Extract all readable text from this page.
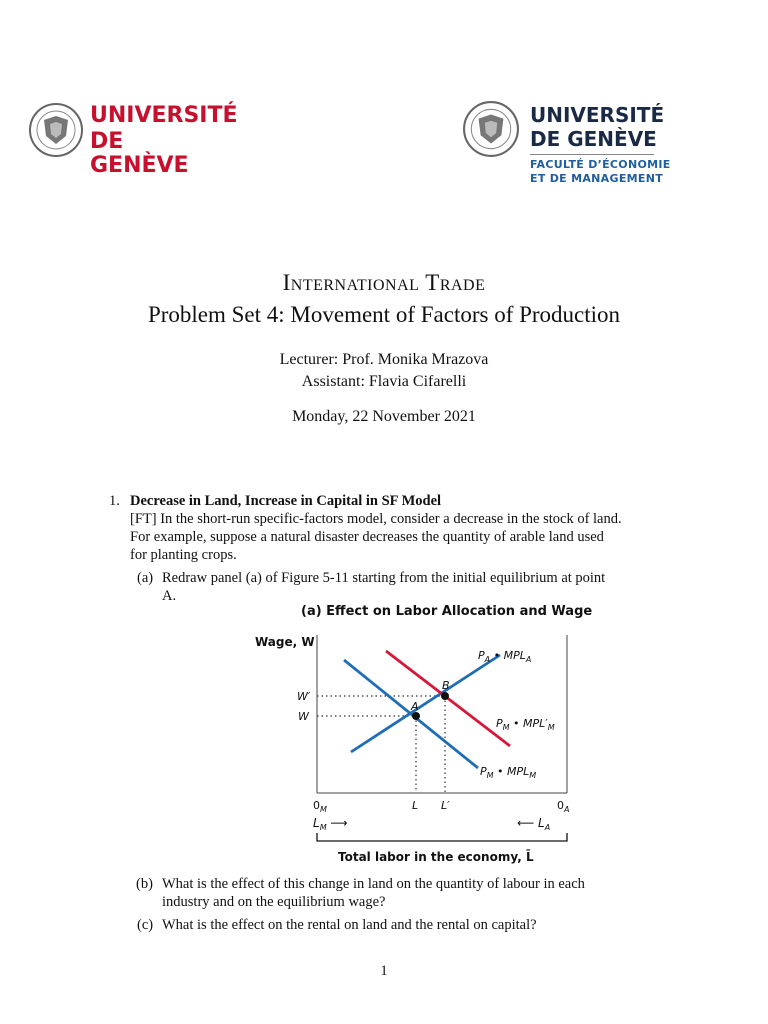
UNIVERSITÉ
DE GENÈVE
UNIVERSITÉ
DE GENÈVE
FACULTÉ D’ÉCONOMIE
ET DE MANAGEMENT
International Trade
Problem Set 4: Movement of Factors of Production
Lecturer: Prof. Monika Mrazova
Assistant: Flavia Cifarelli
Monday, 22 November 2021
1. Decrease in Land, Increase in Capital in SF Model
[FT] In the short-run specific-factors model, consider a decrease in the stock of land.
For example, suppose a natural disaster decreases the quantity of arable land used
for planting crops.
(a) Redraw panel (a) of Figure 5-11 starting from the initial equilibrium at point
A.
(a) Effect on Labor Allocation and Wage
A
B
Wage, W
W′
W
$P_A$ • $MPL_A$
$P_M$ • $MPL'_M$
$P_M$ • $MPL_M$
L L′
$0_M$	$0_A$
$L_M$ ⟶	⟵ $L_A$
Total labor in the economy, L̄
(b) What is the effect of this change in land on the quantity of labour in each
industry and on the equilibrium wage?
(c) What is the effect on the rental on land and the rental on capital?
1
